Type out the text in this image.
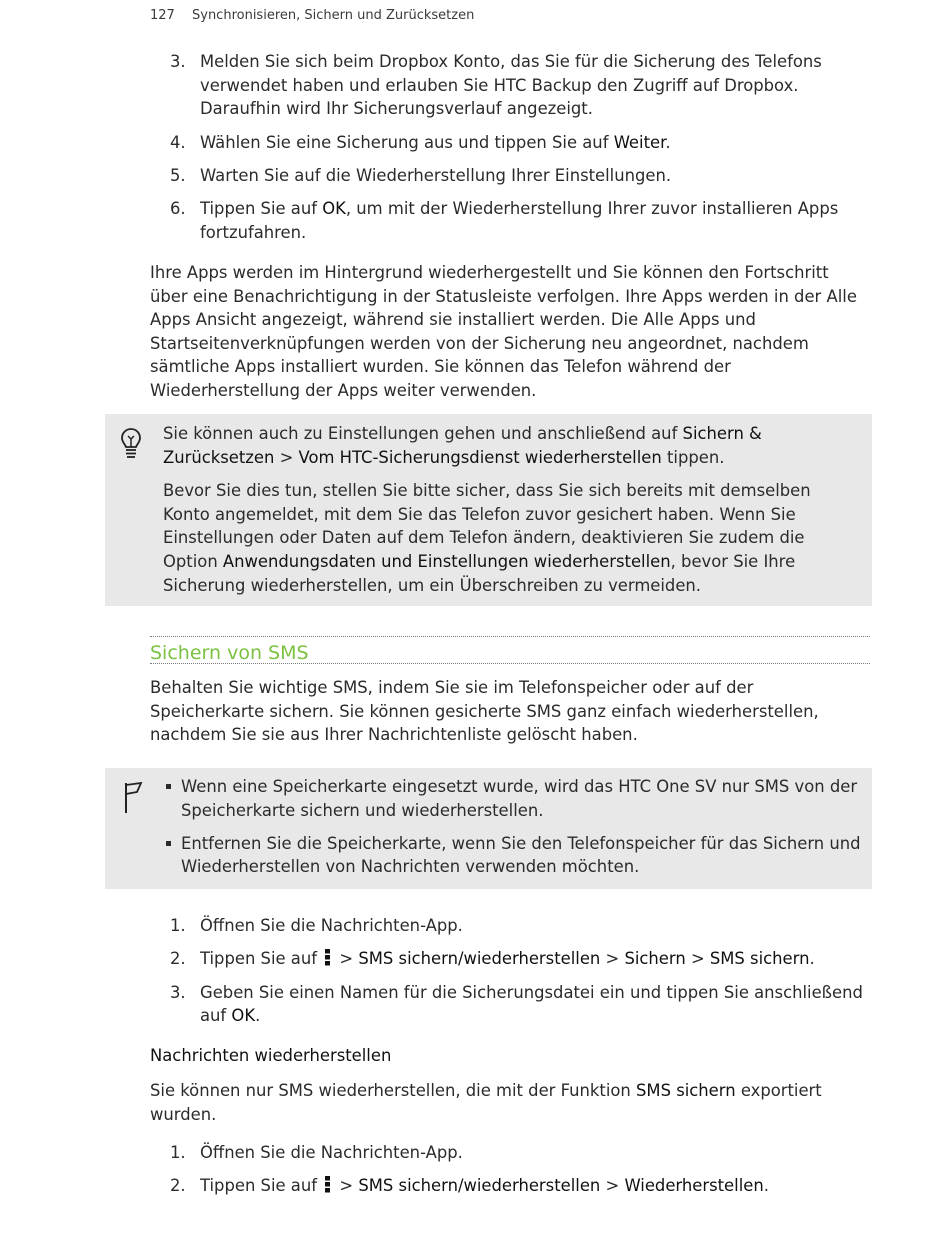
127 Synchronisieren, Sichern und Zurücksetzen
3. Melden Sie sich beim Dropbox Konto, das Sie für die Sicherung des Telefons verwendet haben und erlauben Sie HTC Backup den Zugriff auf Dropbox. Daraufhin wird Ihr Sicherungsverlauf angezeigt.
4. Wählen Sie eine Sicherung aus und tippen Sie auf Weiter.
5. Warten Sie auf die Wiederherstellung Ihrer Einstellungen.
6. Tippen Sie auf OK, um mit der Wiederherstellung Ihrer zuvor installieren Apps fortzufahren.

Ihre Apps werden im Hintergrund wiederhergestellt und Sie können den Fortschritt über eine Benachrichtigung in der Statusleiste verfolgen. Ihre Apps werden in der Alle Apps Ansicht angezeigt, während sie installiert werden. Die Alle Apps und Startseitenverknüpfungen werden von der Sicherung neu angeordnet, nachdem sämtliche Apps installiert wurden. Sie können das Telefon während der Wiederherstellung der Apps weiter verwenden.

Sie können auch zu Einstellungen gehen und anschließend auf Sichern & Zurücksetzen > Vom HTC-Sicherungsdienst wiederherstellen tippen.

Bevor Sie dies tun, stellen Sie bitte sicher, dass Sie sich bereits mit demselben Konto angemeldet, mit dem Sie das Telefon zuvor gesichert haben. Wenn Sie Einstellungen oder Daten auf dem Telefon ändern, deaktivieren Sie zudem die Option Anwendungsdaten und Einstellungen wiederherstellen, bevor Sie Ihre Sicherung wiederherstellen, um ein Überschreiben zu vermeiden.

Sichern von SMS

Behalten Sie wichtige SMS, indem Sie sie im Telefonspeicher oder auf der Speicherkarte sichern. Sie können gesicherte SMS ganz einfach wiederherstellen, nachdem Sie sie aus Ihrer Nachrichtenliste gelöscht haben.

Wenn eine Speicherkarte eingesetzt wurde, wird das HTC One SV nur SMS von der Speicherkarte sichern und wiederherstellen.
Entfernen Sie die Speicherkarte, wenn Sie den Telefonspeicher für das Sichern und Wiederherstellen von Nachrichten verwenden möchten.
1. Öffnen Sie die Nachrichten-App.
2. Tippen Sie auf  > SMS sichern/wiederherstellen > Sichern > SMS sichern.
3. Geben Sie einen Namen für die Sicherungsdatei ein und tippen Sie anschließend auf OK.

Nachrichten wiederherstellen

Sie können nur SMS wiederherstellen, die mit der Funktion SMS sichern exportiert wurden.

1. Öffnen Sie die Nachrichten-App.
2. Tippen Sie auf  > SMS sichern/wiederherstellen > Wiederherstellen.
